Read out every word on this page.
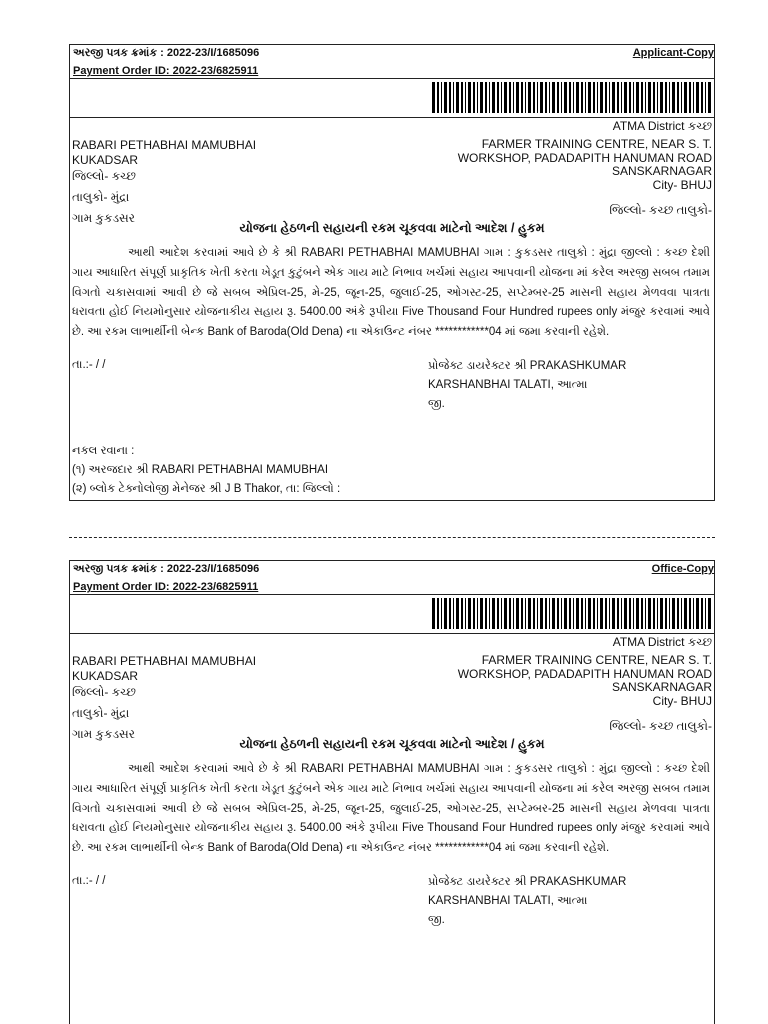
અરજી પત્રક ક્રમાંક : 2022-23/I/1685096
Payment Order ID: 2022-23/6825911
Applicant-Copy
ATMA District કચ્છ
RABARI PETHABHAI MAMUBHAI
KUKADSAR
જિલ્લો- કચ્છ
તાલુકો- મુંદ્રા
ગામ કુકડસર
FARMER TRAINING CENTRE, NEAR S. T.
WORKSHOP, PADADAPITH HANUMAN ROAD
SANSKARNAGAR
City- BHUJ
જિલ્લો- કચ્છ તાલુકો-
યોજના હેઠળની સહાયની રકમ ચૂકવવા માટેનો આદેશ / હુકમ
આથી આદેશ કરવામાં આવે છે કે શ્રી RABARI PETHABHAI MAMUBHAI ગામ : કુકડસર તાલુકો : મુંદ્રા જીલ્લો : કચ્છ દેશી ગાય આધારિત સંપૂર્ણ પ્રાકૃતિક ખેતી કરતા ખેડૂત કુટુંબને એક ગાય માટે નિભાવ ખર્ચમાં સહાય આપવાની યોજના માં કરેલ અરજી સબબ તમામ વિગતો ચકાસવામાં આવી છે જે સબબ એપ્રિલ-25, મે-25, જૂન-25, જુલાઈ-25, ઓગસ્ટ-25, સપ્ટેમ્બર-25 માસની સહાય મેળવવા પાત્રતા ધરાવતા હોઈ નિયમોનુસાર યોજનાકીય સહાય રૂ. 5400.00 અંકે રૂપીયા Five Thousand Four Hundred rupees only મંજુર કરવામાં આવે છે. આ રકમ લાભાર્થીની બેન્ક Bank of Baroda(Old Dena) ના એકાઉન્ટ નંબર ************04 માં જમા કરવાની રહેશે.
તા.:- / /	પ્રોજેક્ટ ડાયરેક્ટર શ્રી PRAKASHKUMAR
KARSHANBHAI TALATI, આત્મા
જી.
નકલ રવાના :
(૧) અરજદાર શ્રી RABARI PETHABHAI MAMUBHAI
(૨) બ્લોક ટેક્નોલોજી મેનેજર શ્રી J B Thakor, તા: જિલ્લો :
અરજી પત્રક ક્રમાંક : 2022-23/I/1685096
Payment Order ID: 2022-23/6825911
Office-Copy
ATMA District કચ્છ
RABARI PETHABHAI MAMUBHAI
KUKADSAR
જિલ્લો- કચ્છ
તાલુકો- મુંદ્રા
ગામ કુકડસર
FARMER TRAINING CENTRE, NEAR S. T.
WORKSHOP, PADADAPITH HANUMAN ROAD
SANSKARNAGAR
City- BHUJ
જિલ્લો- કચ્છ તાલુકો-
યોજના હેઠળની સહાયની રકમ ચૂકવવા માટેનો આદેશ / હુકમ
આથી આદેશ કરવામાં આવે છે કે શ્રી RABARI PETHABHAI MAMUBHAI ગામ : કુકડસર તાલુકો : મુંદ્રા જીલ્લો : કચ્છ દેશી ગાય આધારિત સંપૂર્ણ પ્રાકૃતિક ખેતી કરતા ખેડૂત કુટુંબને એક ગાય માટે નિભાવ ખર્ચમાં સહાય આપવાની યોજના માં કરેલ અરજી સબબ તમામ વિગતો ચકાસવામાં આવી છે જે સબબ એપ્રિલ-25, મે-25, જૂન-25, જુલાઈ-25, ઓગસ્ટ-25, સપ્ટેમ્બર-25 માસની સહાય મેળવવા પાત્રતા ધરાવતા હોઈ નિયમોનુસાર યોજનાકીય સહાય રૂ. 5400.00 અંકે રૂપીયા Five Thousand Four Hundred rupees only મંજુર કરવામાં આવે છે. આ રકમ લાભાર્થીની બેન્ક Bank of Baroda(Old Dena) ના એકાઉન્ટ નંબર ************04 માં જમા કરવાની રહેશે.
તા.:- / /	પ્રોજેક્ટ ડાયરેક્ટર શ્રી PRAKASHKUMAR
KARSHANBHAI TALATI, આત્મા
જી.
